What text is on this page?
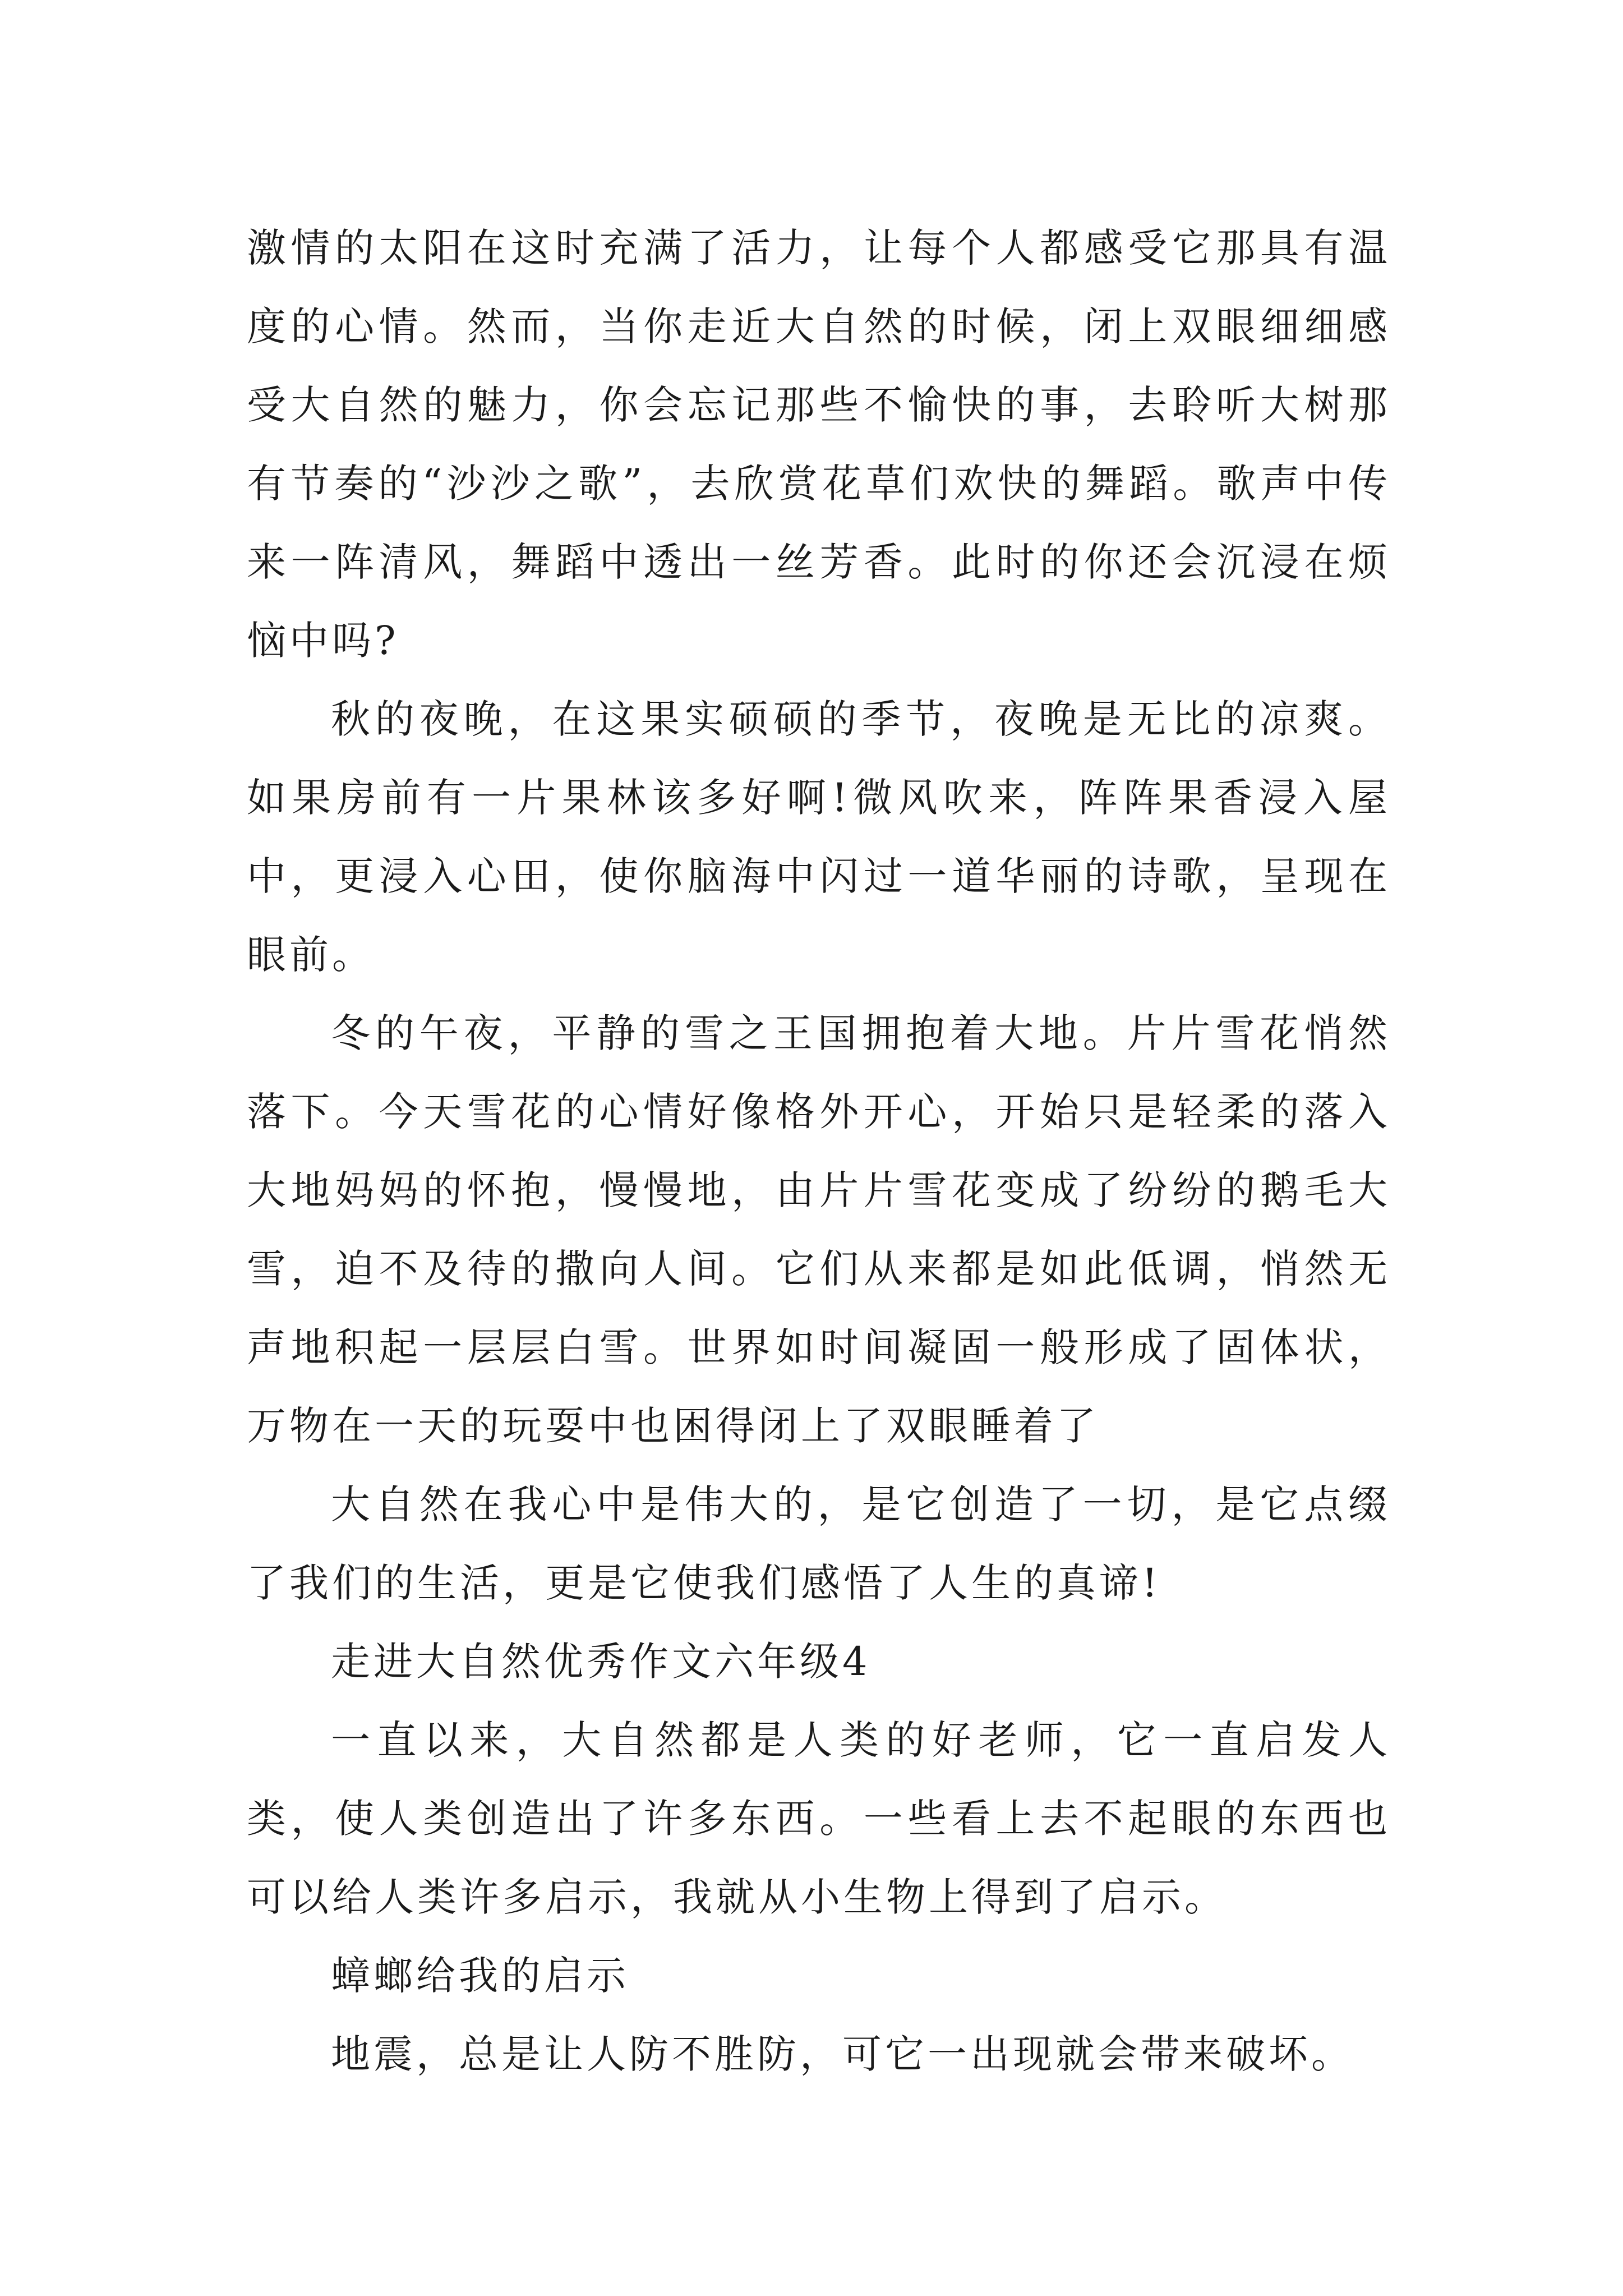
激情的太阳在这时充满了活力，让每个人都感受它那具有温度的心情。然而，当你走近大自然的时候，闭上双眼细细感受大自然的魅力，你会忘记那些不愉快的事，去聆听大树那有节奏的“沙沙之歌”，去欣赏花草们欢快的舞蹈。歌声中传来一阵清风，舞蹈中透出一丝芳香。此时的你还会沉浸在烦恼中吗?

秋的夜晚，在这果实硕硕的季节，夜晚是无比的凉爽。如果房前有一片果林该多好啊!微风吹来，阵阵果香浸入屋中，更浸入心田，使你脑海中闪过一道华丽的诗歌，呈现在眼前。

冬的午夜，平静的雪之王国拥抱着大地。片片雪花悄然落下。今天雪花的心情好像格外开心，开始只是轻柔的落入大地妈妈的怀抱，慢慢地，由片片雪花变成了纷纷的鹅毛大雪，迫不及待的撒向人间。它们从来都是如此低调，悄然无声地积起一层层白雪。世界如时间凝固一般形成了固体状，万物在一天的玩耍中也困得闭上了双眼睡着了

大自然在我心中是伟大的，是它创造了一切，是它点缀了我们的生活，更是它使我们感悟了人生的真谛!

走进大自然优秀作文六年级4

一直以来，大自然都是人类的好老师，它一直启发人类，使人类创造出了许多东西。一些看上去不起眼的东西也可以给人类许多启示，我就从小生物上得到了启示。

蟑螂给我的启示

地震，总是让人防不胜防，可它一出现就会带来破坏。
